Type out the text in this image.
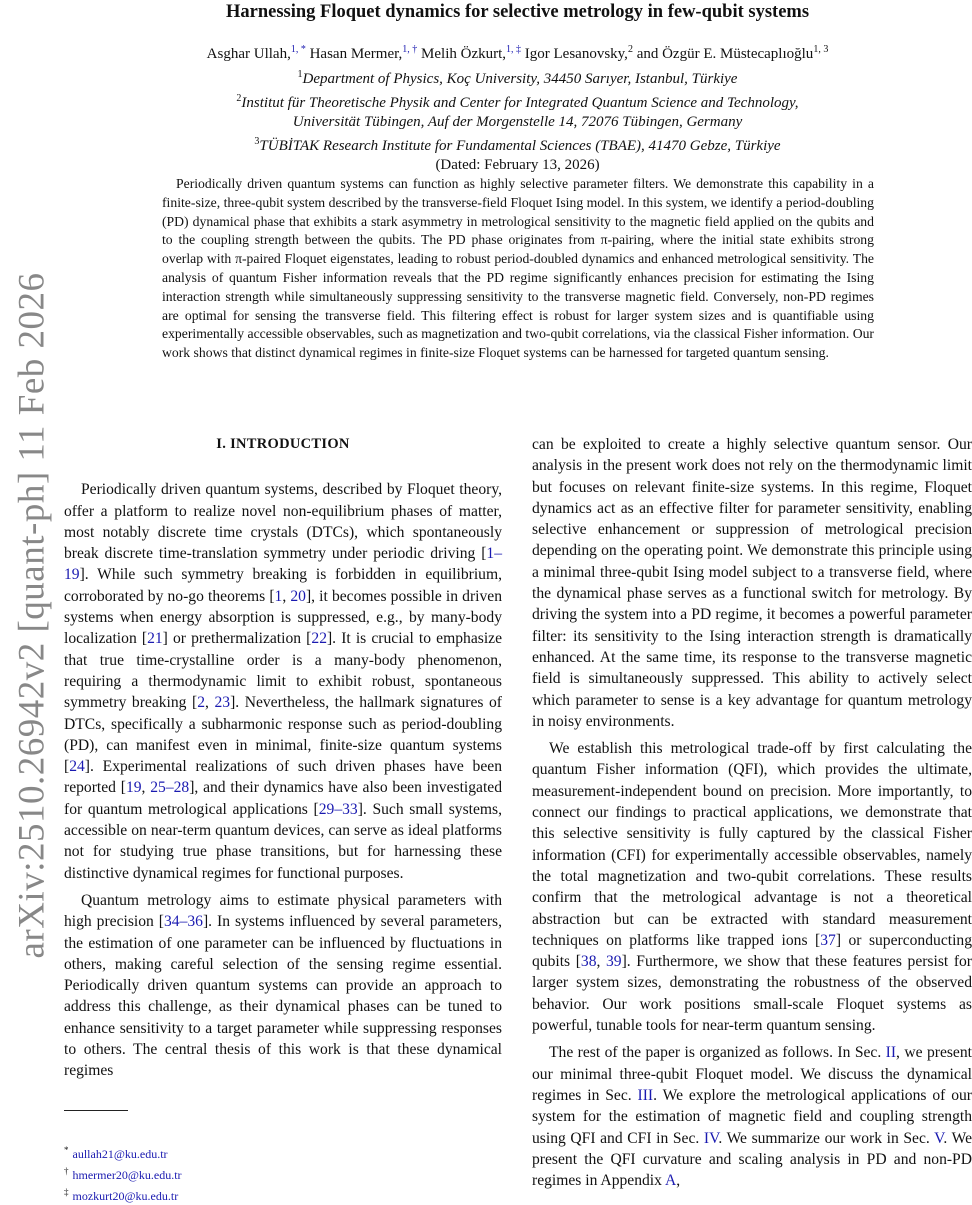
arXiv:2510.26942v2 [quant-ph] 11 Feb 2026
Harnessing Floquet dynamics for selective metrology in few-qubit systems
Asghar Ullah,$^{1, *}$ Hasan Mermer,$^{1, \dagger}$ Melih Özkurt,$^{1, \ddagger}$ Igor Lesanovsky,$^2$ and Özgür E. Müstecaplıoğlu$^{1, 3}$
$^1$Department of Physics, Koç University, 34450 Sarıyer, Istanbul, Türkiye
$^2$Institut für Theoretische Physik and Center for Integrated Quantum Science and Technology,
Universität Tübingen, Auf der Morgenstelle 14, 72076 Tübingen, Germany
$^3$TÜBİTAK Research Institute for Fundamental Sciences (TBAE), 41470 Gebze, Türkiye
(Dated: February 13, 2026)
Periodically driven quantum systems can function as highly selective parameter filters. We demonstrate this capability in a finite-size, three-qubit system described by the transverse-field Floquet Ising model. In this system, we identify a period-doubling (PD) dynamical phase that exhibits a stark asymmetry in metrological sensitivity to the magnetic field applied on the qubits and to the coupling strength between the qubits. The PD phase originates from π-pairing, where the initial state exhibits strong overlap with π-paired Floquet eigenstates, leading to robust period-doubled dynamics and enhanced metrological sensitivity. The analysis of quantum Fisher information reveals that the PD regime significantly enhances precision for estimating the Ising interaction strength while simultaneously suppressing sensitivity to the transverse magnetic field. Conversely, non-PD regimes are optimal for sensing the transverse field. This filtering effect is robust for larger system sizes and is quantifiable using experimentally accessible observables, such as magnetization and two-qubit correlations, via the classical Fisher information. Our work shows that distinct dynamical regimes in finite-size Floquet systems can be harnessed for targeted quantum sensing.
I. INTRODUCTION

Periodically driven quantum systems, described by Floquet theory, offer a platform to realize novel non-equilibrium phases of matter, most notably discrete time crystals (DTCs), which spontaneously break discrete time-translation symmetry under periodic driving [1–19]. While such symmetry breaking is forbidden in equilibrium, corroborated by no-go theorems [1, 20], it becomes possible in driven systems when energy absorption is suppressed, e.g., by many-body localization [21] or prethermalization [22]. It is crucial to emphasize that true time-crystalline order is a many-body phenomenon, requiring a thermodynamic limit to exhibit robust, spontaneous symmetry breaking [2, 23]. Nevertheless, the hallmark signatures of DTCs, specifically a subharmonic response such as period-doubling (PD), can manifest even in minimal, finite-size quantum systems [24]. Experimental realizations of such driven phases have been reported [19, 25–28], and their dynamics have also been investigated for quantum metrological applications [29–33]. Such small systems, accessible on near-term quantum devices, can serve as ideal platforms not for studying true phase transitions, but for harnessing these distinctive dynamical regimes for functional purposes.

Quantum metrology aims to estimate physical parameters with high precision [34–36]. In systems influenced by several parameters, the estimation of one parameter can be influenced by fluctuations in others, making careful selection of the sensing regime essential. Periodically driven quantum systems can provide an approach to address this challenge, as their dynamical phases can be tuned to enhance sensitivity to a target parameter while suppressing responses to others. The central thesis of this work is that these dynamical regimes

can be exploited to create a highly selective quantum sensor. Our analysis in the present work does not rely on the thermodynamic limit but focuses on relevant finite-size systems. In this regime, Floquet dynamics act as an effective filter for parameter sensitivity, enabling selective enhancement or suppression of metrological precision depending on the operating point. We demonstrate this principle using a minimal three-qubit Ising model subject to a transverse field, where the dynamical phase serves as a functional switch for metrology. By driving the system into a PD regime, it becomes a powerful parameter filter: its sensitivity to the Ising interaction strength is dramatically enhanced. At the same time, its response to the transverse magnetic field is simultaneously suppressed. This ability to actively select which parameter to sense is a key advantage for quantum metrology in noisy environments.

We establish this metrological trade-off by first calculating the quantum Fisher information (QFI), which provides the ultimate, measurement-independent bound on precision. More importantly, to connect our findings to practical applications, we demonstrate that this selective sensitivity is fully captured by the classical Fisher information (CFI) for experimentally accessible observables, namely the total magnetization and two-qubit correlations. These results confirm that the metrological advantage is not a theoretical abstraction but can be extracted with standard measurement techniques on platforms like trapped ions [37] or superconducting qubits [38, 39]. Furthermore, we show that these features persist for larger system sizes, demonstrating the robustness of the observed behavior. Our work positions small-scale Floquet systems as powerful, tunable tools for near-term quantum sensing.

The rest of the paper is organized as follows. In Sec. II, we present our minimal three-qubit Floquet model. We discuss the dynamical regimes in Sec. III. We explore the metrological applications of our system for the estimation of magnetic field and coupling strength using QFI and CFI in Sec. IV. We summarize our work in Sec. V. We present the QFI curvature and scaling analysis in PD and non-PD regimes in Appendix A,

* aullah21@ku.edu.tr
† hmermer20@ku.edu.tr
‡ mozkurt20@ku.edu.tr
